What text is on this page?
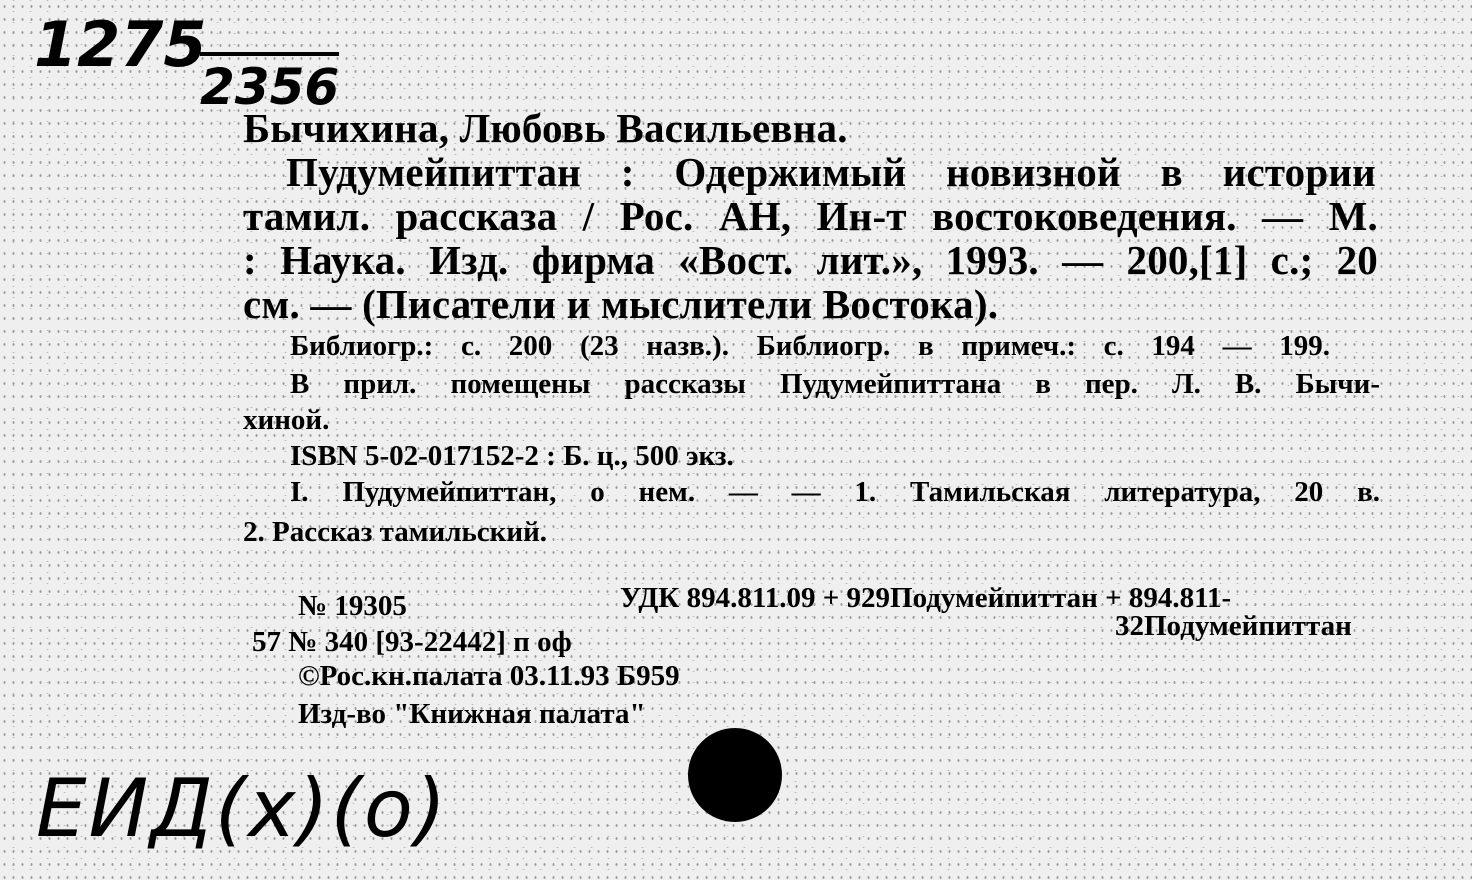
1275
2356
Бычихина, Любовь Васильевна.
Пудумейпиттан : Одержимый новизной в истории
тамил. рассказа / Рос. АН, Ин-т востоковедения. — М.
: Наука. Изд. фирма «Вост. лит.», 1993. — 200,[1] с.; 20
см. — (Писатели и мыслители Востока).
Библиогр.: с. 200 (23 назв.). Библиогр. в примеч.: с. 194 — 199.
В прил. помещены рассказы Пудумейпиттана в пер. Л. В. Бычи-
хиной.
ISBN 5-02-017152-2 : Б. ц., 500 экз.
I. Пудумейпиттан, о нем. — — 1. Тамильская литература, 20 в.
2. Рассказ тамильский.
№ 19305	УДК 894.811.09 + 929Подумейпиттан + 894.811-
57 № 340 [93-22442] п оф	32Подумейпиттан
©Рос.кн.палата 03.11.93 Б959
Изд-во "Книжная палата"
ЕИД(х)(о)
